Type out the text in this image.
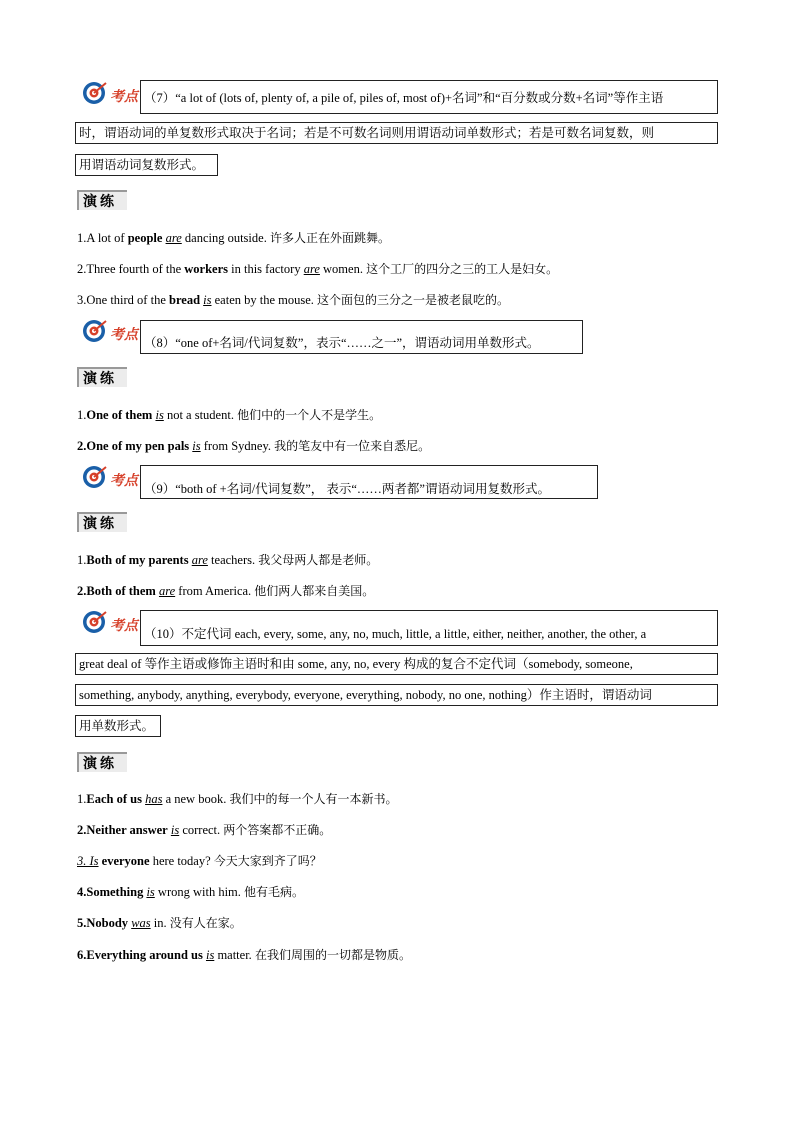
考点 （7）“a lot of (lots of, plenty of, a pile of, piles of, most of)+名词”和“百分数或分数+名词”等作主语
时，谓语动词的单复数形式取决于名词；若是不可数名词则用谓语动词单数形式；若是可数名词复数，则
用谓语动词复数形式。
演练
1.A lot of people are dancing outside. 许多人正在外面跳舞。
2.Three fourth of the workers in this factory are women. 这个工厂的四分之三的工人是妇女。
3.One third of the bread is eaten by the mouse. 这个面包的三分之一是被老鼠吃的。
考点 （8）“one of+名词/代词复数”，表示“……之一”，谓语动词用单数形式。
演练
1.One of them is not a student. 他们中的一个人不是学生。
2.One of my pen pals is from Sydney. 我的笔友中有一位来自悉尼。
考点 （9）“both of +名词/代词复数”， 表示“……两者都”谓语动词用复数形式。
演练
1.Both of my parents are teachers. 我父母两人都是老师。
2.Both of them are from America. 他们两人都来自美国。
考点 （10）不定代词 each, every, some, any, no, much, little, a little, either, neither, another, the other, a
great deal of 等作主语或修饰主语时和由 some, any, no, every 构成的复合不定代词（somebody, someone,
something, anybody, anything, everybody, everyone, everything, nobody, no one, nothing）作主语时，谓语动词
用单数形式。
演练
1.Each of us has a new book. 我们中的每一个人有一本新书。
2.Neither answer is correct. 两个答案都不正确。
3. Is everyone here today? 今天大家到齐了吗？
4.Something is wrong with him. 他有毛病。
5.Nobody was in. 没有人在家。
6.Everything around us is matter. 在我们周围的一切都是物质。
